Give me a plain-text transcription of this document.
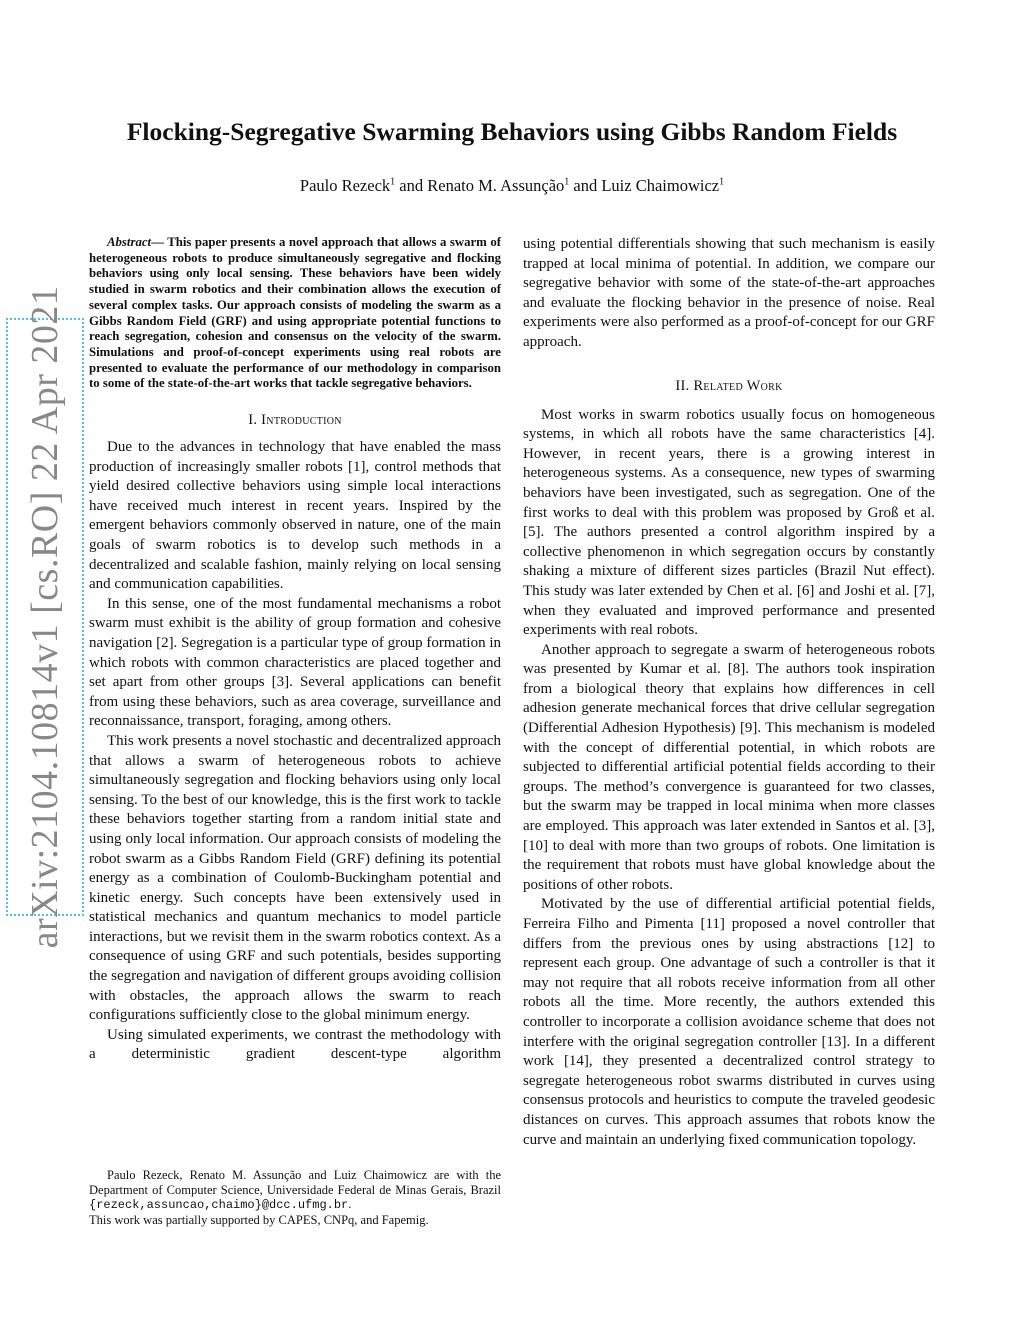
arXiv:2104.10814v1 [cs.RO] 22 Apr 2021
Flocking-Segregative Swarming Behaviors using Gibbs Random Fields
Paulo Rezeck$^1$ and Renato M. Assunção$^1$ and Luiz Chaimowicz$^1$

Abstract— This paper presents a novel approach that allows a swarm of heterogeneous robots to produce simultaneously segregative and flocking behaviors using only local sensing. These behaviors have been widely studied in swarm robotics and their combination allows the execution of several complex tasks. Our approach consists of modeling the swarm as a Gibbs Random Field (GRF) and using appropriate potential functions to reach segregation, cohesion and consensus on the velocity of the swarm. Simulations and proof-of-concept experiments using real robots are presented to evaluate the performance of our methodology in comparison to some of the state-of-the-art works that tackle segregative behaviors.

I. Introduction

Due to the advances in technology that have enabled the mass production of increasingly smaller robots [1], control methods that yield desired collective behaviors using simple local interactions have received much interest in recent years. Inspired by the emergent behaviors commonly observed in nature, one of the main goals of swarm robotics is to develop such methods in a decentralized and scalable fashion, mainly relying on local sensing and communication capabilities.

In this sense, one of the most fundamental mechanisms a robot swarm must exhibit is the ability of group formation and cohesive navigation [2]. Segregation is a particular type of group formation in which robots with common characteristics are placed together and set apart from other groups [3]. Several applications can benefit from using these behaviors, such as area coverage, surveillance and reconnaissance, transport, foraging, among others.

This work presents a novel stochastic and decentralized approach that allows a swarm of heterogeneous robots to achieve simultaneously segregation and flocking behaviors using only local sensing. To the best of our knowledge, this is the first work to tackle these behaviors together starting from a random initial state and using only local information. Our approach consists of modeling the robot swarm as a Gibbs Random Field (GRF) defining its potential energy as a combination of Coulomb-Buckingham potential and kinetic energy. Such concepts have been extensively used in statistical mechanics and quantum mechanics to model particle interactions, but we revisit them in the swarm robotics context. As a consequence of using GRF and such potentials, besides supporting the segregation and navigation of different groups avoiding collision with obstacles, the approach allows the swarm to reach configurations sufficiently close to the global minimum energy.

Using simulated experiments, we contrast the methodology with a deterministic gradient descent-type algorithm

Paulo Rezeck, Renato M. Assunção and Luiz Chaimowicz are with the Department of Computer Science, Universidade Federal de Minas Gerais, Brazil {rezeck,assuncao,chaimo}@dcc.ufmg.br.
This work was partially supported by CAPES, CNPq, and Fapemig.

using potential differentials showing that such mechanism is easily trapped at local minima of potential. In addition, we compare our segregative behavior with some of the state-of-the-art approaches and evaluate the flocking behavior in the presence of noise. Real experiments were also performed as a proof-of-concept for our GRF approach.

II. Related Work

Most works in swarm robotics usually focus on homogeneous systems, in which all robots have the same characteristics [4]. However, in recent years, there is a growing interest in heterogeneous systems. As a consequence, new types of swarming behaviors have been investigated, such as segregation. One of the first works to deal with this problem was proposed by Groß et al. [5]. The authors presented a control algorithm inspired by a collective phenomenon in which segregation occurs by constantly shaking a mixture of different sizes particles (Brazil Nut effect). This study was later extended by Chen et al. [6] and Joshi et al. [7], when they evaluated and improved performance and presented experiments with real robots.

Another approach to segregate a swarm of heterogeneous robots was presented by Kumar et al. [8]. The authors took inspiration from a biological theory that explains how differences in cell adhesion generate mechanical forces that drive cellular segregation (Differential Adhesion Hypothesis) [9]. This mechanism is modeled with the concept of differential potential, in which robots are subjected to differential artificial potential fields according to their groups. The method’s convergence is guaranteed for two classes, but the swarm may be trapped in local minima when more classes are employed. This approach was later extended in Santos et al. [3], [10] to deal with more than two groups of robots. One limitation is the requirement that robots must have global knowledge about the positions of other robots.

Motivated by the use of differential artificial potential fields, Ferreira Filho and Pimenta [11] proposed a novel controller that differs from the previous ones by using abstractions [12] to represent each group. One advantage of such a controller is that it may not require that all robots receive information from all other robots all the time. More recently, the authors extended this controller to incorporate a collision avoidance scheme that does not interfere with the original segregation controller [13]. In a different work [14], they presented a decentralized control strategy to segregate heterogeneous robot swarms distributed in curves using consensus protocols and heuristics to compute the traveled geodesic distances on curves. This approach assumes that robots know the curve and maintain an underlying fixed communication topology.
